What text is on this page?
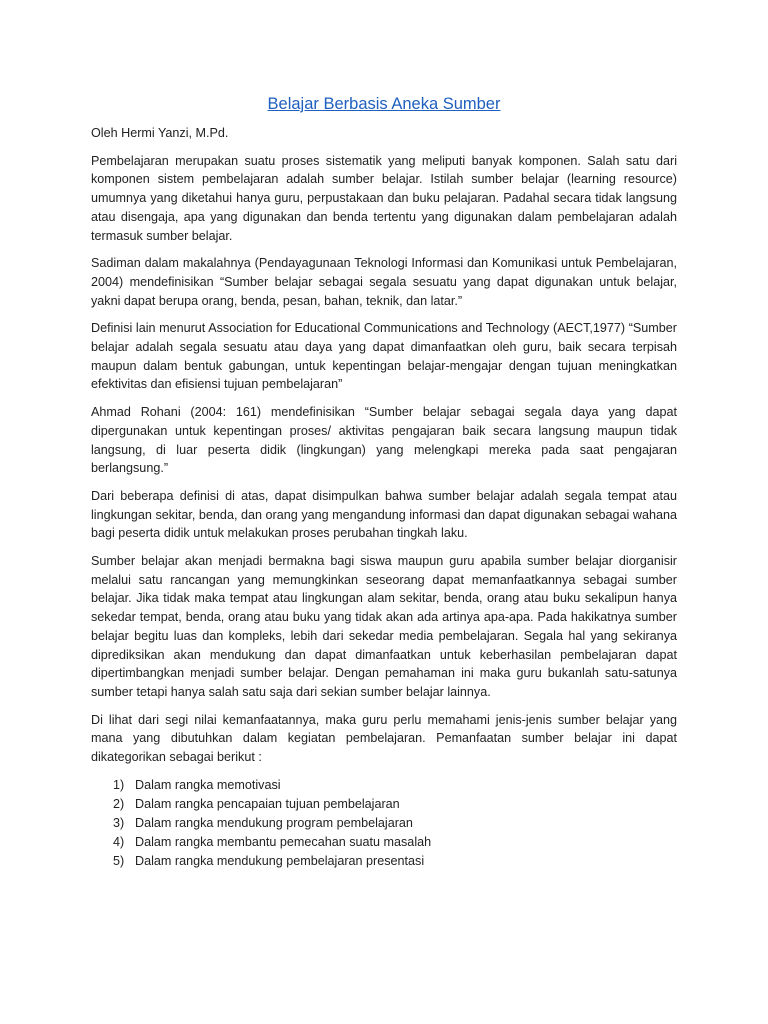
Belajar Berbasis Aneka Sumber

Oleh Hermi Yanzi, M.Pd.

Pembelajaran merupakan suatu proses sistematik yang meliputi banyak komponen. Salah satu dari komponen sistem pembelajaran adalah sumber belajar. Istilah sumber belajar (learning resource) umumnya yang diketahui hanya guru, perpustakaan dan buku pelajaran. Padahal secara tidak langsung atau disengaja, apa yang digunakan dan benda tertentu yang digunakan dalam pembelajaran adalah termasuk sumber belajar.

Sadiman dalam makalahnya (Pendayagunaan Teknologi Informasi dan Komunikasi untuk Pembelajaran, 2004) mendefinisikan “Sumber belajar sebagai segala sesuatu yang dapat digunakan untuk belajar, yakni dapat berupa orang, benda, pesan, bahan, teknik, dan latar.”

Definisi lain menurut Association for Educational Communications and Technology (AECT,1977) “Sumber belajar adalah segala sesuatu atau daya yang dapat dimanfaatkan oleh guru, baik secara terpisah maupun dalam bentuk gabungan, untuk kepentingan belajar-mengajar dengan tujuan meningkatkan efektivitas dan efisiensi tujuan pembelajaran”

Ahmad Rohani (2004: 161) mendefinisikan “Sumber belajar sebagai segala daya yang dapat dipergunakan untuk kepentingan proses/ aktivitas pengajaran baik secara langsung maupun tidak langsung, di luar peserta didik (lingkungan) yang melengkapi mereka pada saat pengajaran berlangsung.”

Dari beberapa definisi di atas, dapat disimpulkan bahwa sumber belajar adalah segala tempat atau lingkungan sekitar, benda, dan orang yang mengandung informasi dan dapat digunakan sebagai wahana bagi peserta didik untuk melakukan proses perubahan tingkah laku.

Sumber belajar akan menjadi bermakna bagi siswa maupun guru apabila sumber belajar diorganisir melalui satu rancangan yang memungkinkan seseorang dapat memanfaatkannya sebagai sumber belajar. Jika tidak maka tempat atau lingkungan alam sekitar, benda, orang atau buku sekalipun hanya sekedar tempat, benda, orang atau buku yang tidak akan ada artinya apa-apa. Pada hakikatnya sumber belajar begitu luas dan kompleks, lebih dari sekedar media pembelajaran. Segala hal yang sekiranya diprediksikan akan mendukung dan dapat dimanfaatkan untuk keberhasilan pembelajaran dapat dipertimbangkan menjadi sumber belajar. Dengan pemahaman ini maka guru bukanlah satu-satunya sumber tetapi hanya salah satu saja dari sekian sumber belajar lainnya.

Di lihat dari segi nilai kemanfaatannya, maka guru perlu memahami jenis-jenis sumber belajar yang mana yang dibutuhkan dalam kegiatan pembelajaran. Pemanfaatan sumber belajar ini dapat dikategorikan sebagai berikut :

1) Dalam rangka memotivasi
2) Dalam rangka pencapaian tujuan pembelajaran
3) Dalam rangka mendukung program pembelajaran
4) Dalam rangka membantu pemecahan suatu masalah
5) Dalam rangka mendukung pembelajaran presentasi
